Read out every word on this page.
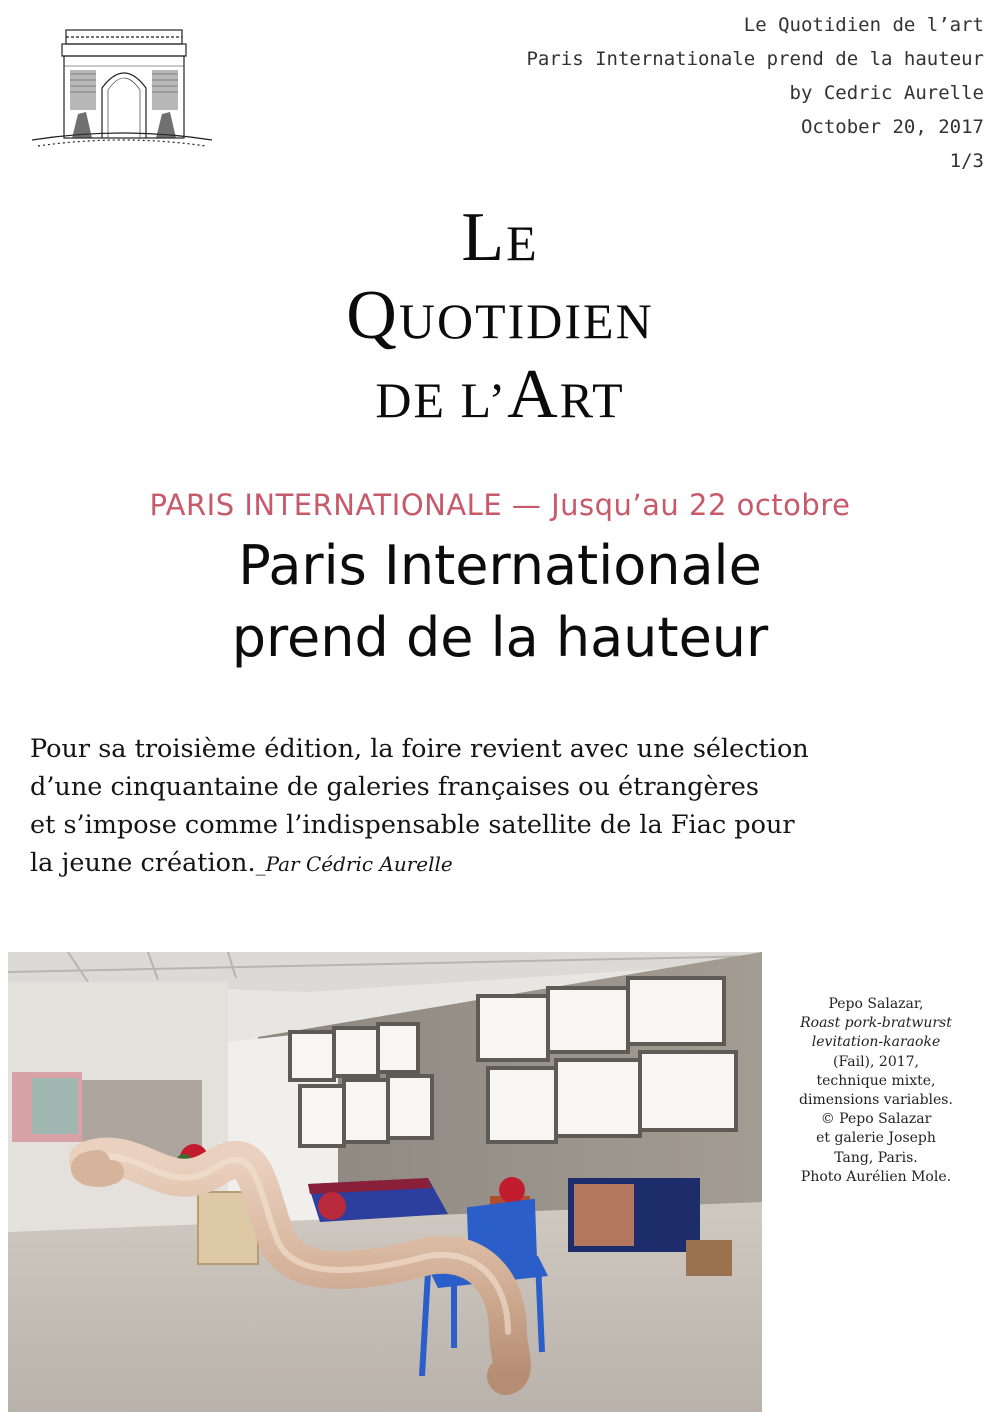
Le Quotidien de l’art
Paris Internationale prend de la hauteur
by Cedric Aurelle
October 20, 2017
1/3
LE
QUOTIDIEN
DE L’ART
PARIS INTERNATIONALE — Jusqu’au 22 octobre
Paris Internationale
prend de la hauteur
Pour sa troisième édition, la foire revient avec une sélection
d’une cinquantaine de galeries françaises ou étrangères
et s’impose comme l’indispensable satellite de la Fiac pour
la jeune création._Par Cédric Aurelle
Pepo Salazar,
Roast pork-bratwurst
levitation-karaoke
(Fail), 2017,
technique mixte,
dimensions variables.
© Pepo Salazar
et galerie Joseph
Tang, Paris.
Photo Aurélien Mole.
